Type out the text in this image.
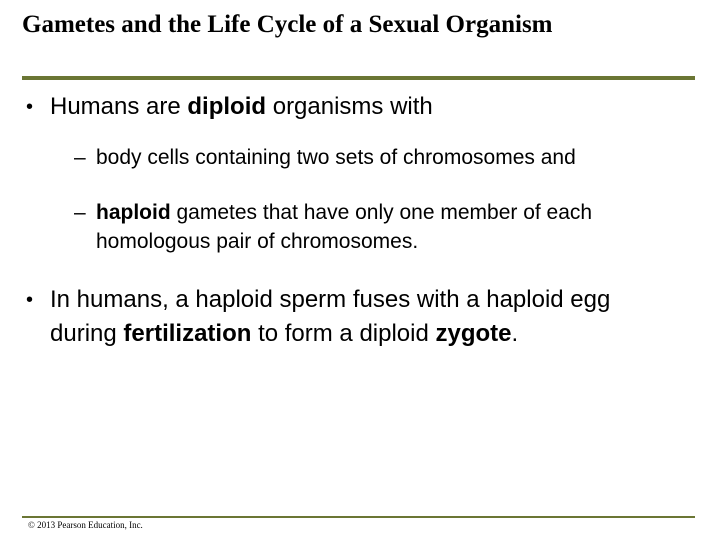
Gametes and the Life Cycle of a Sexual Organism
• Humans are diploid organisms with
– body cells containing two sets of chromosomes and
– haploid gametes that have only one member of each homologous pair of chromosomes.
• In humans, a haploid sperm fuses with a haploid egg during fertilization to form a diploid zygote.
© 2013 Pearson Education, Inc.
